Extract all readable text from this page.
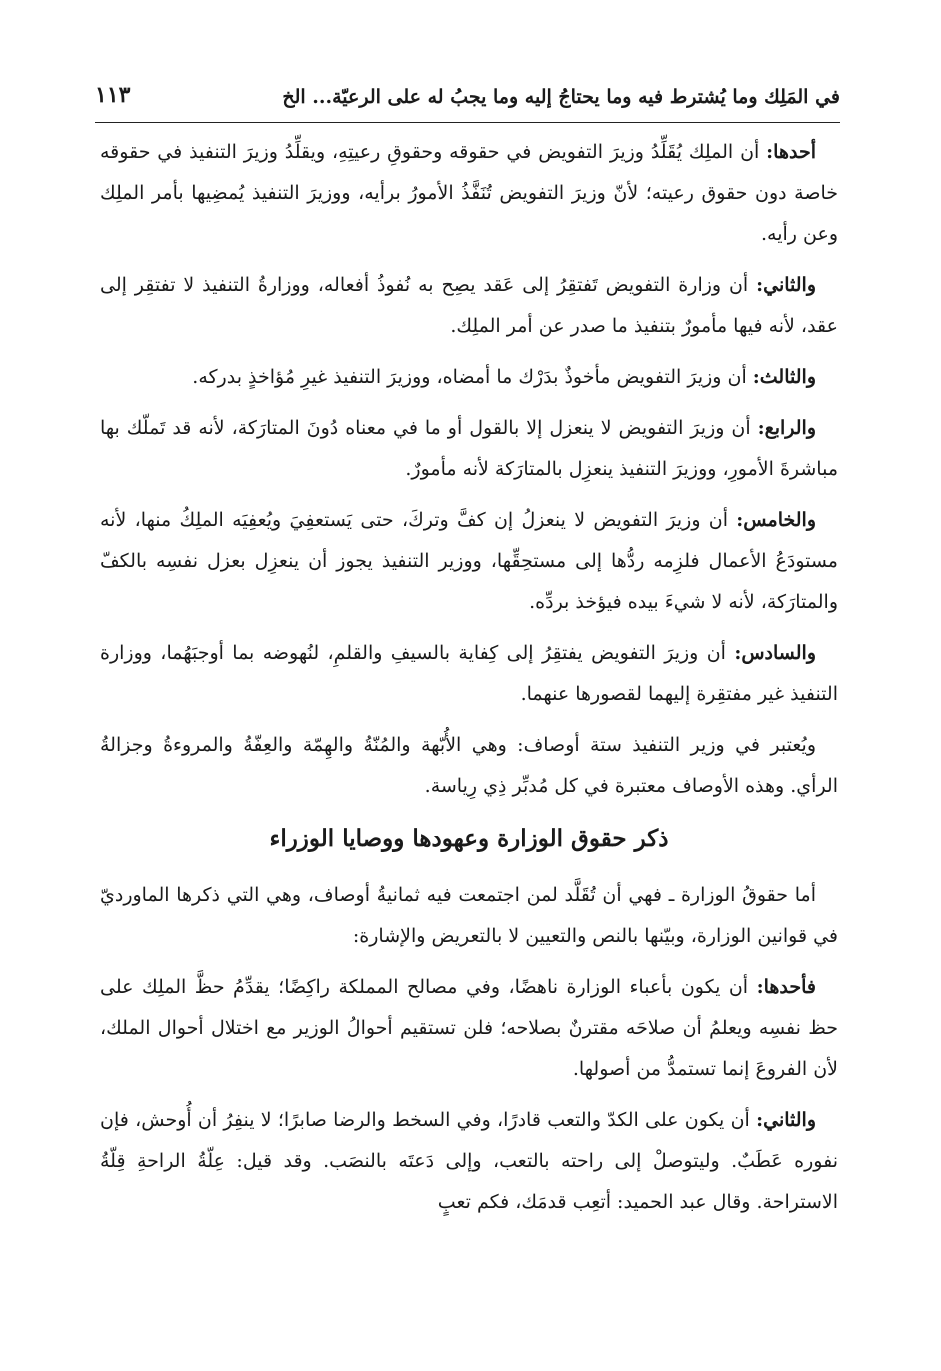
في المَلِك وما يُشترط فيه وما يحتاجُ إليه وما يجبُ له على الرعيّة... الخ
١١٣

أحدها: أن الملِك يُقَلِّدُ وزيرَ التفويض في حقوقه وحقوقِ رعيتِهِ، ويقلِّدُ وزيرَ التنفيذ في حقوقه خاصة دون حقوق رعيته؛ لأنّ وزيرَ التفويض تُنَفَّذُ الأمورُ برأيه، ووزيرَ التنفيذ يُمضِيها بأمر الملِك وعن رأيه.

والثاني: أن وزارة التفويض تَفتقِرُ إلى عَقد يصِح به نُفوذُ أفعاله، ووزارةُ التنفيذ لا تفتقِر إلى عقد، لأنه فيها مأمورٌ بتنفيذ ما صدر عن أمر الملِك.

والثالث: أن وزيرَ التفويض مأخوذٌ بدَرْك ما أمضاه، ووزيرَ التنفيذ غيرِ مُؤاخذٍ بدركه.

والرابع: أن وزيرَ التفويض لا ينعزل إلا بالقول أو ما في معناه دُونَ المتارَكة، لأنه قد تَملّك بها مباشرةَ الأمورِ، ووزيرَ التنفيذ ينعزِل بالمتارَكة لأنه مأمورٌ.

والخامس: أن وزيرَ التفويض لا ينعزلُ إن كفَّ وتركَ، حتى يَستعفِيَ ويُعفِيَه الملِكُ منها، لأنه مستودَعُ الأعمال فلزِمه ردُّها إلى مستحِقِّها، ووزير التنفيذ يجوز أن ينعزِل بعزل نفسِه بالكفّ والمتارَكة، لأنه لا شيءَ بيده فيؤخذ بردِّه.

والسادس: أن وزيرَ التفويض يفتقِرُ إلى كِفاية بالسيفِ والقلمِ، لنُهوضه بما أوجبَهُما، ووزارة التنفيذ غير مفتقِرة إليهما لقصورها عنهما.

ويُعتبر في وزير التنفيذ ستة أوصاف: وهي الأُبّهة والمُنّةُ والهِمّة والعِفّةُ والمروءةُ وجزالةُ الرأي. وهذه الأوصاف معتبرة في كل مُدبِّر ذِي رِياسة.

ذكر حقوق الوزارة وعهودها ووصايا الوزراء

أما حقوقُ الوزارة ـ فهي أن تُقَلَّد لمن اجتمعت فيه ثمانيةُ أوصاف، وهي التي ذكرها الماورديّ في قوانين الوزارة، وبيّنها بالنص والتعيين لا بالتعريض والإشارة:

فأحدها: أن يكون بأعباء الوزارة ناهضًا، وفي مصالح المملكة راكِضًا؛ يقدِّمُ حظَّ الملِك على حظ نفسِه ويعلمُ أن صلاحَه مقترنٌ بصلاحه؛ فلن تستقيم أحوالُ الوزير مع اختلال أحوال الملك، لأن الفروعَ إنما تستمدُّ من أصولها.

والثاني: أن يكون على الكدّ والتعب قادرًا، وفي السخط والرضا صابرًا؛ لا ينفِرُ أن أُوحش، فإن نفوره عَطَبٌ. وليتوصلْ إلى راحته بالتعب، وإلى دَعتَه بالنصَب. وقد قيل: عِلّةُ الراحةِ قِلّةُ الاستراحة. وقال عبد الحميد: أتعِب قدمَك، فكم تعبٍ
